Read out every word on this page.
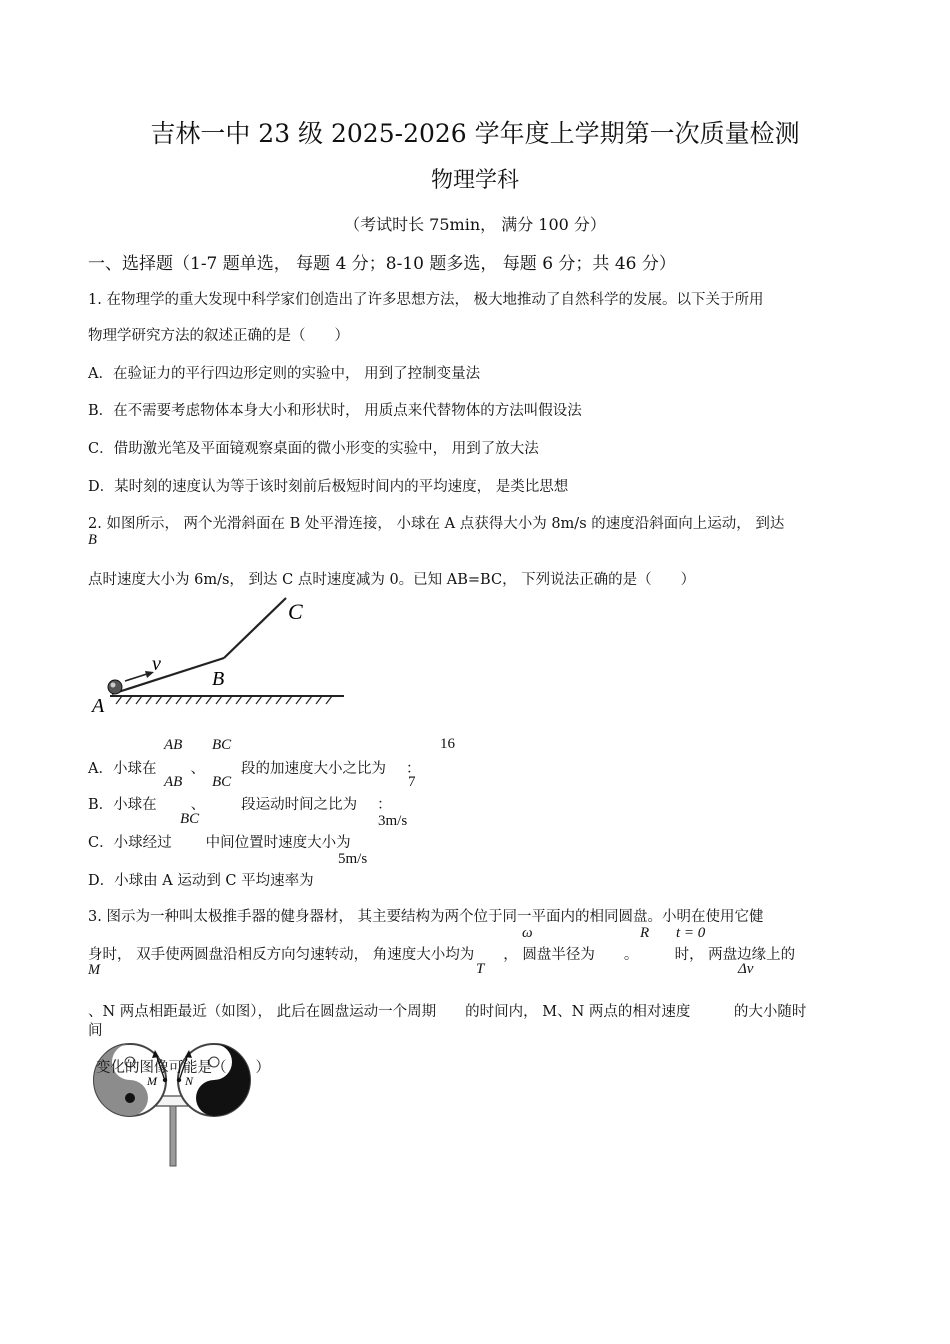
吉林一中 23 级 2025-2026 学年度上学期第一次质量检测
物理学科
（考试时长 75min， 满分 100 分）
一、选择题（1-7 题单选， 每题 4 分；8-10 题多选， 每题 6 分；共 46 分）
1. 在物理学的重大发现中科学家们创造出了许多思想方法， 极大地推动了自然科学的发展。以下关于所用
物理学研究方法的叙述正确的是（　　）
A．在验证力的平行四边形定则的实验中， 用到了控制变量法
B．在不需要考虑物体本身大小和形状时， 用质点来代替物体的方法叫假设法
C．借助激光笔及平面镜观察桌面的微小形变的实验中， 用到了放大法
D．某时刻的速度认为等于该时刻前后极短时间内的平均速度， 是类比思想
2. 如图所示， 两个光滑斜面在 B 处平滑连接， 小球在 A 点获得大小为 8m/s 的速度沿斜面向上运动， 到达
B
点时速度大小为 6m/s， 到达 C 点时速度减为 0。已知 AB=BC， 下列说法正确的是（　　）
v
A
B
C
A．小球在 、 段的加速度大小之比为 ：
AB BC	16
B．小球在 、 段运动时间之比为 ：
AB BC	7
C．小球经过 中间位置时速度大小为
BC	3m/s
D．小球由 A 运动到 C 平均速率为
5m/s
3. 图示为一种叫太极推手器的健身器材， 其主要结构为两个位于同一平面内的相同圆盘。小明在使用它健
ω	R t = 0
身时， 双手使两圆盘沿相反方向匀速转动， 角速度大小均为　　， 圆盘半径为　　。　　　时， 两盘边缘上的
M	T	Δv
、N 两点相距最近（如图）， 此后在圆盘运动一个周期　　的时间内， M、N 两点的相对速度　　　的大小随时
间
M N
变化的图像可能是（　　）
